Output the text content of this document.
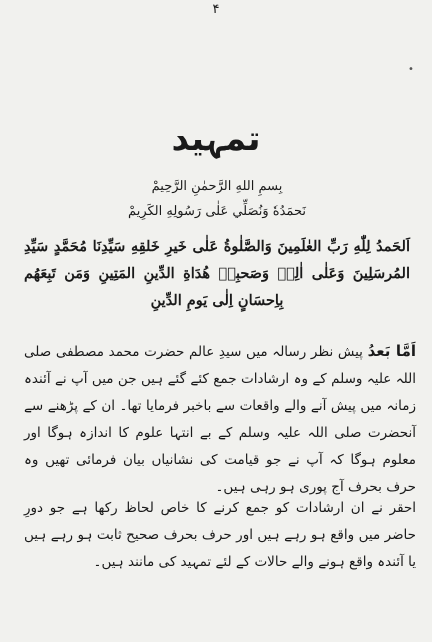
۴
•
تمہید
بِسمِ اللهِ الرَّحمٰنِ الرَّحِيمْ
نَحمَدُهٗ وَنُصَلِّي عَلٰى رَسُولِهِ الكَرِيمْ
اَلحَمدُ لِلّٰهِ رَبِّ العٰلَمِينَ وَالصَّلٰوةُ عَلٰى خَيرِ خَلقِهِ سَيِّدِنَا مُحَمَّدٍ سَيِّدِ المُرسَلِينَ وَعَلٰى اٰلِهٖ وَصَحبِهٖ هُدَاةِ الدِّينِ المَتِينِ وَمَن تَبِعَهُم بِاِحسَانٍ اِلٰى يَومِ الدِّينِ
اَمَّا بَعدُ پیش نظر رسالہ میں سیدِ عالم حضرت محمد مصطفی صلی اللہ علیہ وسلم کے وہ ارشادات جمع کئے گئے ہیں جن میں آپ نے آئندہ زمانہ میں پیش آنے والے واقعات سے باخبر فرمایا تھا۔ ان کے پڑھنے سے آنحضرت صلی اللہ علیہ وسلم کے بے انتہا علوم کا اندازہ ہوگا اور معلوم ہوگا کہ آپ نے جو قیامت کی نشانیاں بیان فرمائی تھیں وہ حرف بحرف آج پوری ہو رہی ہیں۔
احقر نے ان ارشادات کو جمع کرنے کا خاص لحاظ رکھا ہے جو دورِ حاضر میں واقع ہو رہے ہیں اور حرف بحرف صحیح ثابت ہو رہے ہیں یا آئندہ واقع ہونے والے حالات کے لئے تمہید کی مانند ہیں۔
